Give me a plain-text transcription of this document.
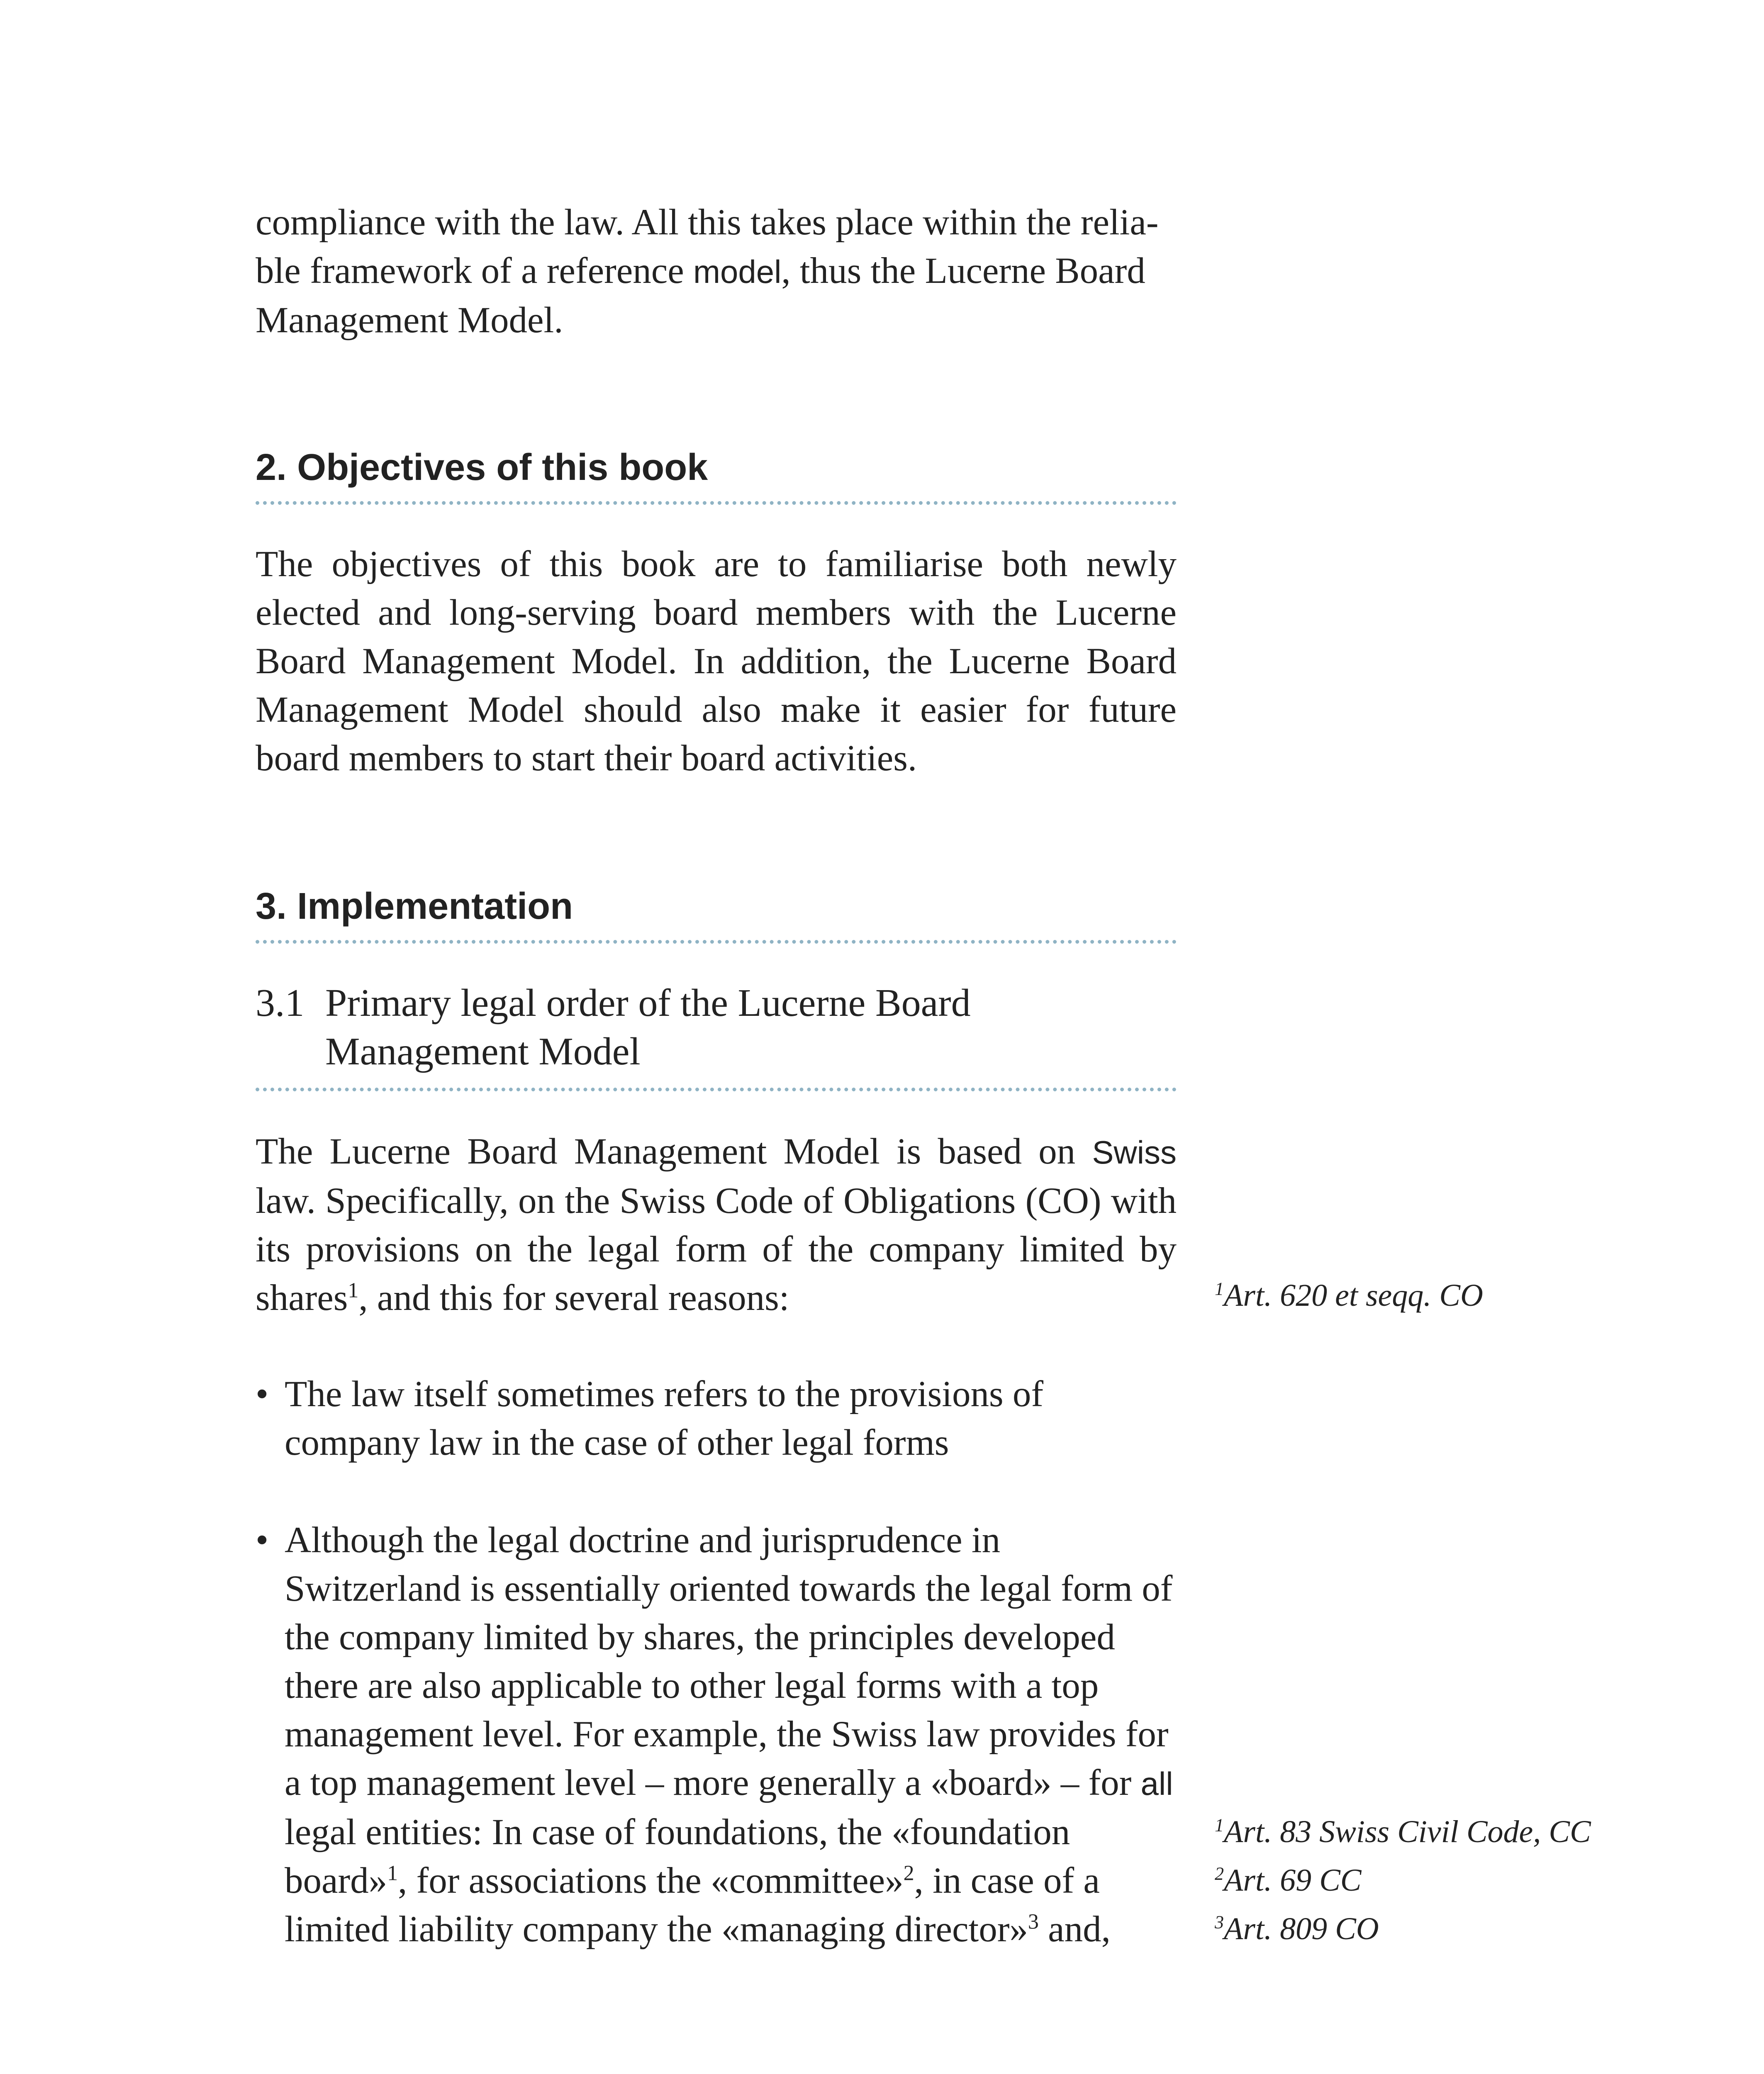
compliance with the law. All this takes place within the relia-
ble framework of a reference model, thus the Lucerne Board
Management Model.

2. Objectives of this book

The objectives of this book are to familiarise both newly elected and long-serving board members with the Lucerne Board Management Model. In addition, the Lucerne Board Management Model should also make it easier for future board members to start their board activities.

3. Implementation
3.1 Primary legal order of the Lucerne Board Management Model

The Lucerne Board Management Model is based on Swiss law. Specifically, on the Swiss Code of Obligations (CO) with its provisions on the legal form of the company limited by shares$^1$, and this for several reasons:

• The law itself sometimes refers to the provisions of company law in the case of other legal forms
• Although the legal doctrine and jurisprudence in Switzerland is essentially oriented towards the legal form of the company limited by shares, the principles developed there are also applicable to other legal forms with a top management level. For example, the Swiss law provides for a top management level – more generally a «board» – for all legal entities: In case of foundations, the «foundation board»$^1$, for associations the «committee»$^2$, in case of a limited liability company the «managing director»$^3$ and,
$^1$Art. 620 et seqq. CO
$^1$Art. 83 Swiss Civil Code, CC
$^2$Art. 69 CC
$^3$Art. 809 CO
